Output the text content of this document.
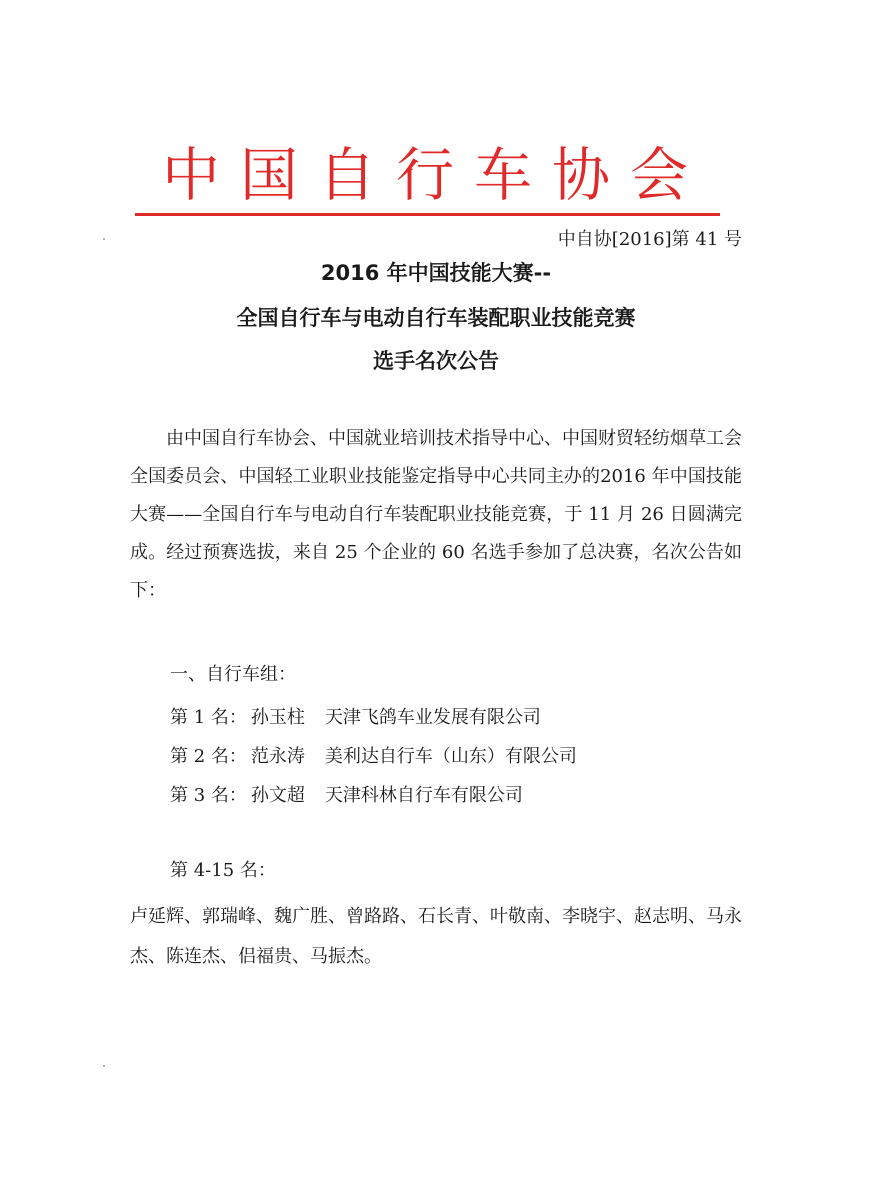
中国自行车协会
中自协[2016]第 41 号
2016 年中国技能大赛--
全国自行车与电动自行车装配职业技能竞赛
选手名次公告
由中国自行车协会、中国就业培训技术指导中心、中国财贸轻纺烟草工会全国委员会、中国轻工业职业技能鉴定指导中心共同主办的2016 年中国技能大赛——全国自行车与电动自行车装配职业技能竞赛，于 11 月 26 日圆满完成。经过预赛选拔，来自 25 个企业的 60 名选手参加了总决赛，名次公告如下：
一、自行车组：
第 1 名： 孙玉柱 天津飞鸽车业发展有限公司
第 2 名： 范永涛 美利达自行车（山东）有限公司
第 3 名： 孙文超 天津科林自行车有限公司
第 4-15 名：
卢延辉、郭瑞峰、魏广胜、曾路路、石长青、叶敬南、李晓宇、赵志明、马永杰、陈连杰、侣福贵、马振杰。
